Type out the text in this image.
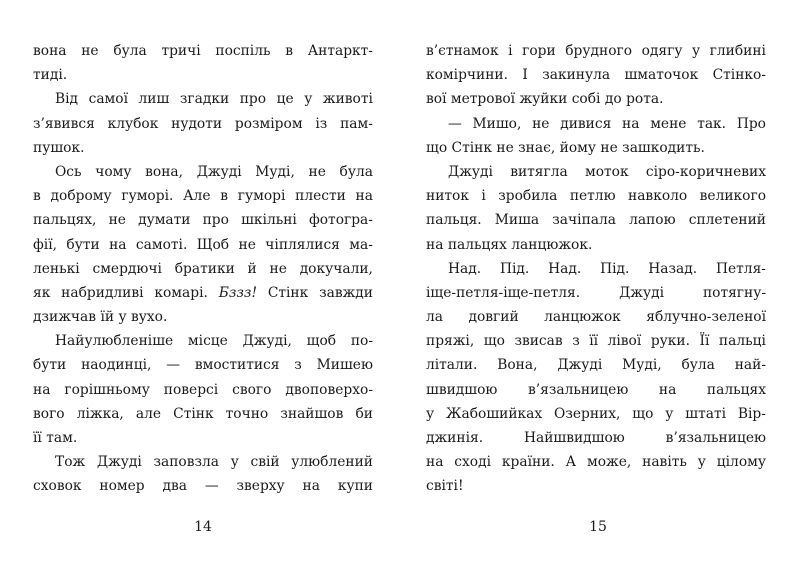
вона не була тричі поспіль в Антаркт-
тиді.
Від самої лиш згадки про це у животі
з’явився клубок нудоти розміром із пам-
пушок.
Ось чому вона, Джуді Муді, не була
в доброму гуморі. Але в гуморі плести на
пальцях, не думати про шкільні фотогра-
фії, бути на самоті. Щоб не чіплялися ма-
ленькі смердючі братики й не докучали,
як набридливі комарі. Бззз! Стінк завжди
дзижчав їй у вухо.
Найулюбленіше місце Джуді, щоб по-
бути наодинці, — вмоститися з Мишею
на горішньому поверсі свого двоповерхо-
вого ліжка, але Стінк точно знайшов би
її там.
Тож Джуді заповзла у свій улюблений
сховок номер два — зверху на купи
14
в’єтнамок і гори брудного одягу у глибині
комірчини. І закинула шматочок Стінко-
вої метрової жуйки собі до рота.
— Мишо, не дивися на мене так. Про
що Стінк не знає, йому не зашкодить.
Джуді витягла моток сіро-коричневих
ниток і зробила петлю навколо великого
пальця. Миша зачіпала лапою сплетений
на пальцях ланцюжок.
Над. Під. Над. Під. Назад. Петля-
іще-петля-іще-петля.	Джуді	потягну-
ла довгий ланцюжок яблучно-зеленої
пряжі, що звисав з її лівої руки. Її пальці
літали. Вона, Джуді Муді, була най-
швидшою в’язальницею на пальцях
у Жабошийках Озерних, що у штаті Вір-
джинія.	Найшвидшою	в’язальницею
на сході країни. А може, навіть у цілому
світі!
15
